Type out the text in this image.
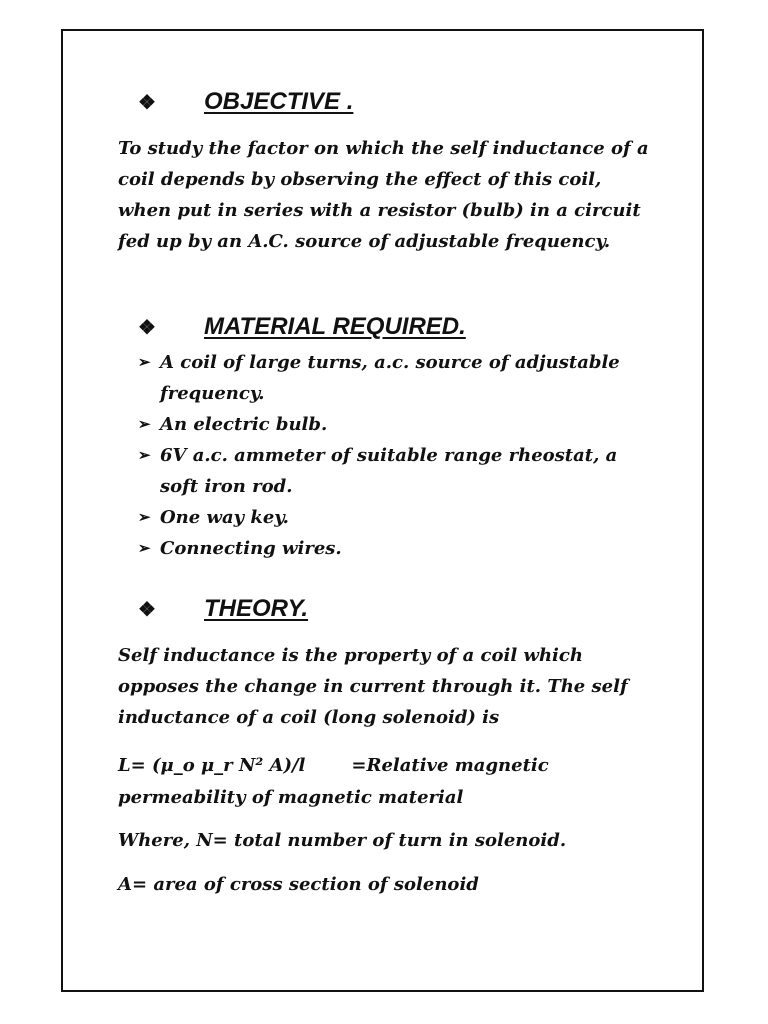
❖ OBJECTIVE .
To study the factor on which the self inductance of a coil depends by observing the effect of this coil, when put in series with a resistor (bulb) in a circuit fed up by an A.C. source of adjustable frequency.
❖ MATERIAL REQUIRED.
➢ A coil of large turns, a.c. source of adjustable frequency.
➢ An electric bulb.
➢ 6V a.c. ammeter of suitable range rheostat, a soft iron rod.
➢ One way key.
➢ Connecting wires.
❖ THEORY.
Self inductance is the property of a coil which opposes the change in current through it. The self inductance of a coil (long solenoid) is
L= (μ_o μ_r N² A)/l	=Relative magnetic
permeability of magnetic material
Where, N= total number of turn in solenoid.
A= area of cross section of solenoid
